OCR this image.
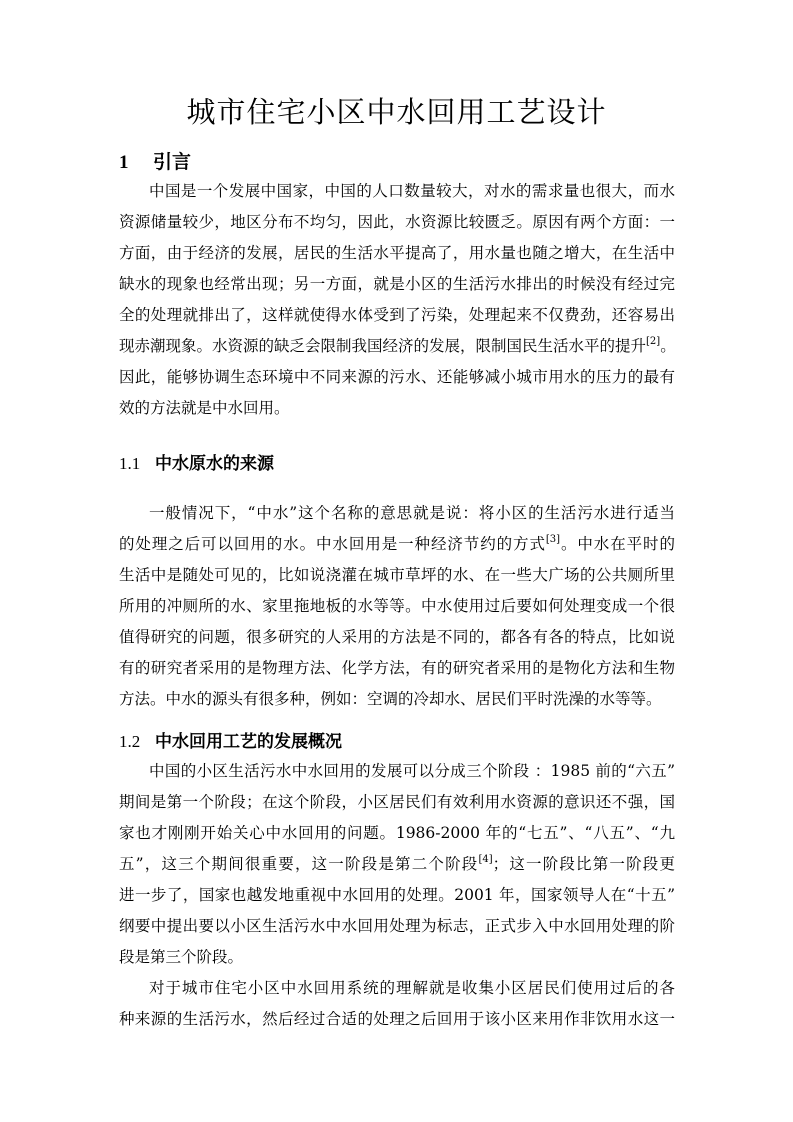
城市住宅小区中水回用工艺设计
1 引言
中国是一个发展中国家，中国的人口数量较大，对水的需求量也很大，而水
资源储量较少，地区分布不均匀，因此，水资源比较匮乏。原因有两个方面：一
方面，由于经济的发展，居民的生活水平提高了，用水量也随之增大，在生活中
缺水的现象也经常出现；另一方面，就是小区的生活污水排出的时候没有经过完
全的处理就排出了，这样就使得水体受到了污染，处理起来不仅费劲，还容易出
现赤潮现象。水资源的缺乏会限制我国经济的发展，限制国民生活水平的提升[2]。
因此，能够协调生态环境中不同来源的污水、还能够减小城市用水的压力的最有
效的方法就是中水回用。
1.1 中水原水的来源
一般情况下，“中水”这个名称的意思就是说：将小区的生活污水进行适当
的处理之后可以回用的水。中水回用是一种经济节约的方式[3]。中水在平时的
生活中是随处可见的，比如说浇灌在城市草坪的水、在一些大广场的公共厕所里
所用的冲厕所的水、家里拖地板的水等等。中水使用过后要如何处理变成一个很
值得研究的问题，很多研究的人采用的方法是不同的，都各有各的特点，比如说
有的研究者采用的是物理方法、化学方法，有的研究者采用的是物化方法和生物
方法。中水的源头有很多种，例如：空调的冷却水、居民们平时洗澡的水等等。
1.2 中水回用工艺的发展概况
中国的小区生活污水中水回用的发展可以分成三个阶段 ：1985 前的“六五”
期间是第一个阶段；在这个阶段，小区居民们有效利用水资源的意识还不强，国
家也才刚刚开始关心中水回用的问题。1986-2000 年的“七五”、“八五”、“九
五”，这三个期间很重要，这一阶段是第二个阶段[4]；这一阶段比第一阶段更
进一步了，国家也越发地重视中水回用的处理。2001 年，国家领导人在“十五”
纲要中提出要以小区生活污水中水回用处理为标志，正式步入中水回用处理的阶
段是第三个阶段。
对于城市住宅小区中水回用系统的理解就是收集小区居民们使用过后的各
种来源的生活污水，然后经过合适的处理之后回用于该小区来用作非饮用水这一
